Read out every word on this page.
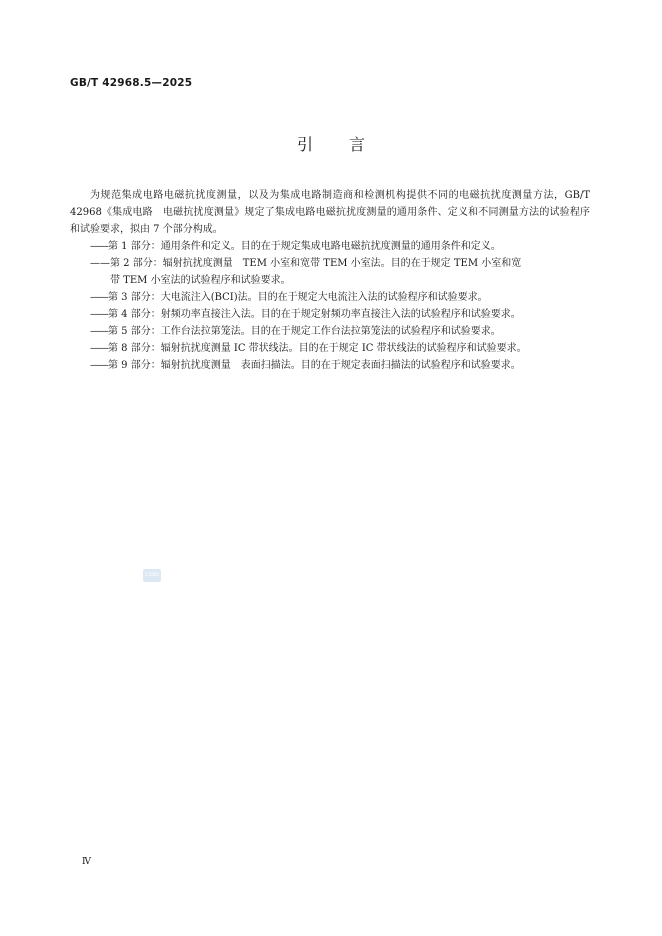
GB/T 42968.5—2025
引言

为规范集成电路电磁抗扰度测量，以及为集成电路制造商和检测机构提供不同的电磁抗扰度测量方法，GB/T 42968《集成电路　电磁抗扰度测量》规定了集成电路电磁抗扰度测量的通用条件、定义和不同测量方法的试验程序和试验要求，拟由 7 个部分构成。

——第 1 部分：通用条件和定义。目的在于规定集成电路电磁抗扰度测量的通用条件和定义。

——第 2 部分：辐射抗扰度测量　TEM 小室和宽带 TEM 小室法。目的在于规定 TEM 小室和宽
带 TEM 小室法的试验程序和试验要求。

——第 3 部分：大电流注入(BCI)法。目的在于规定大电流注入法的试验程序和试验要求。

——第 4 部分：射频功率直接注入法。目的在于规定射频功率直接注入法的试验程序和试验要求。

——第 5 部分：工作台法拉第笼法。目的在于规定工作台法拉第笼法的试验程序和试验要求。

——第 8 部分：辐射抗扰度测量 IC 带状线法。目的在于规定 IC 带状线法的试验程序和试验要求。

——第 9 部分：辐射抗扰度测量　表面扫描法。目的在于规定表面扫描法的试验程序和试验要求。

CSSN
Ⅳ
